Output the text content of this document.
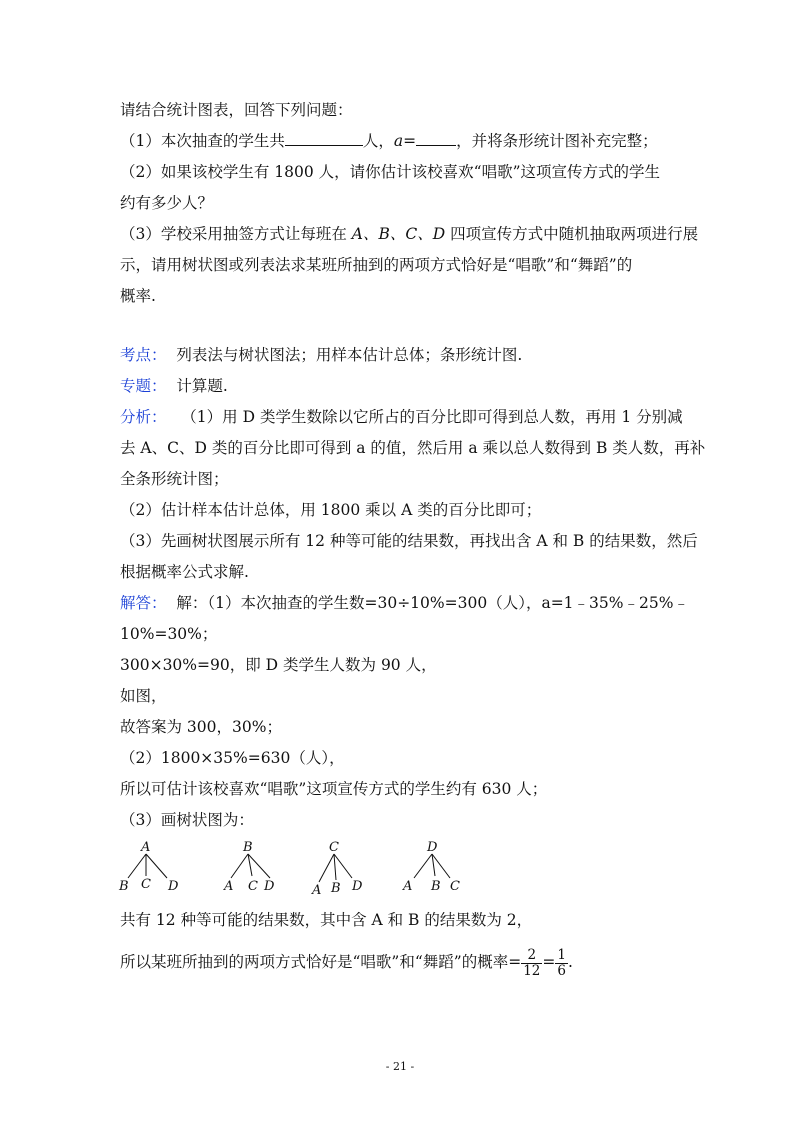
请结合统计图表，回答下列问题：
（1）本次抽查的学生共	人，a=	，并将条形统计图补充完整；
（2）如果该校学生有 1800 人，请你估计该校喜欢“唱歌”这项宣传方式的学生
约有多少人？
（3）学校采用抽签方式让每班在 A、B、C、D 四项宣传方式中随机抽取两项进行展
示，请用树状图或列表法求某班所抽到的两项方式恰好是“唱歌”和“舞蹈”的
概率.
考点： 列表法与树状图法；用样本估计总体；条形统计图.
专题： 计算题.
分析： （1）用 D 类学生数除以它所占的百分比即可得到总人数，再用 1 分别减
去 A、C、D 类的百分比即可得到 a 的值，然后用 a 乘以总人数得到 B 类人数，再补
全条形统计图；
（2）估计样本估计总体，用 1800 乘以 A 类的百分比即可；
（3）先画树状图展示所有 12 种等可能的结果数，再找出含 A 和 B 的结果数，然后
根据概率公式求解.
解答： 解：（1）本次抽查的学生数=30÷10%=300（人），a=1﹣35%﹣25%﹣
10%=30%；
300×30%=90，即 D 类学生人数为 90 人，
如图，
故答案为 300，30%；
（2）1800×35%=630（人），
所以可估计该校喜欢“唱歌”这项宣传方式的学生约有 630 人；
（3）画树状图为：
A
B C D
B
A C D
C
A B D
D
A B C
共有 12 种等可能的结果数，其中含 A 和 B 的结果数为 2，
所以某班所抽到的两项方式恰好是“唱歌”和“舞蹈”的概率= $\frac{2}{12} = \frac{1}{6}$ .
- 21 -
